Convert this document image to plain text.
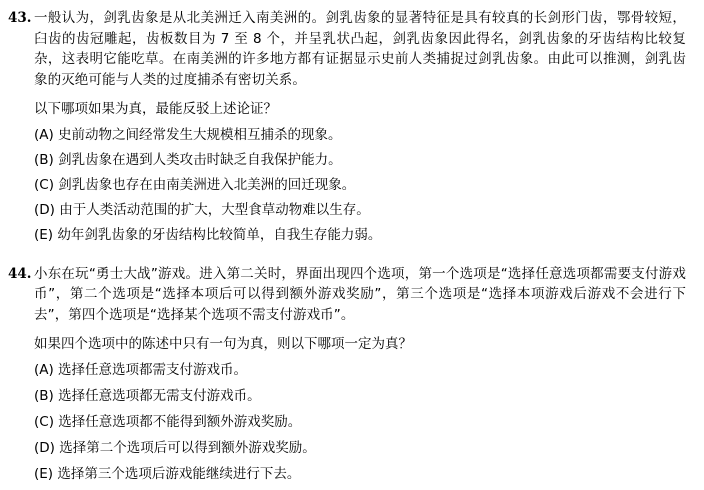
43. 一般认为，剑乳齿象是从北美洲迁入南美洲的。剑乳齿象的显著特征是具有较真的长剑形门齿，鄂骨较短，臼齿的齿冠雕起，齿板数目为 7 至 8 个，并呈乳状凸起，剑乳齿象因此得名，剑乳齿象的牙齿结构比较复杂，这表明它能吃草。在南美洲的许多地方都有证据显示史前人类捕捉过剑乳齿象。由此可以推测，剑乳齿象的灭绝可能与人类的过度捕杀有密切关系。
以下哪项如果为真，最能反驳上述论证？
(A) 史前动物之间经常发生大规模相互捕杀的现象。
(B) 剑乳齿象在遇到人类攻击时缺乏自我保护能力。
(C) 剑乳齿象也存在由南美洲进入北美洲的回迁现象。
(D) 由于人类活动范围的扩大，大型食草动物难以生存。
(E) 幼年剑乳齿象的牙齿结构比较简单，自我生存能力弱。
44. 小东在玩“勇士大战”游戏。进入第二关时，界面出现四个选项，第一个选项是“选择任意选项都需要支付游戏币”，第二个选项是“选择本项后可以得到额外游戏奖励”，第三个选项是“选择本项游戏后游戏不会进行下去”，第四个选项是“选择某个选项不需支付游戏币”。
如果四个选项中的陈述中只有一句为真，则以下哪项一定为真？
(A) 选择任意选项都需支付游戏币。
(B) 选择任意选项都无需支付游戏币。
(C) 选择任意选项都不能得到额外游戏奖励。
(D) 选择第二个选项后可以得到额外游戏奖励。
(E) 选择第三个选项后游戏能继续进行下去。
